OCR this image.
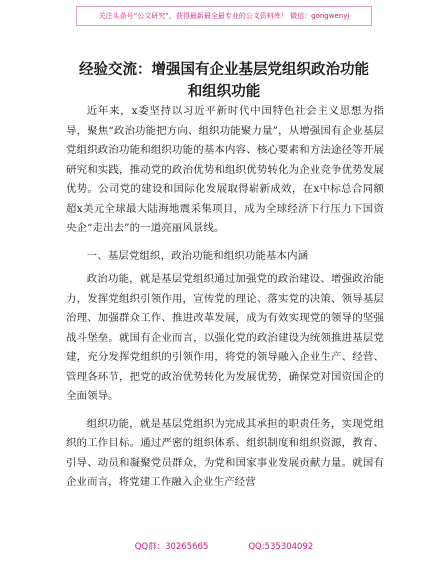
关注头条号“公文研究”，获得最新最全最专业的公文资料库！ 微信：gongwenyj
经验交流：增强国有企业基层党组织政治功能
和组织功能

近年来，x委坚持以习近平新时代中国特色社会主义思想为指导，聚焦“政治功能把方向、组织功能聚力量”，从增强国有企业基层党组织政治功能和组织功能的基本内容、核心要素和方法途径等开展研究和实践，推动党的政治优势和组织优势转化为企业竞争优势发展优势。公司党的建设和国际化发展取得崭新成效，在x中标总合同额超x美元全球最大陆海地震采集项目，成为全球经济下行压力下国资央企“走出去”的一道亮丽风景线。

一、基层党组织，政治功能和组织功能基本内涵

政治功能，就是基层党组织通过加强党的政治建设、增强政治能力，发挥党组织引领作用，宣传党的理论、落实党的决策、领导基层治理、加强群众工作、推进改革发展，成为有效实现党的领导的坚强战斗堡垒。就国有企业而言，以强化党的政治建设为统领推进基层党建，充分发挥党组织的引领作用，将党的领导融入企业生产、经营、管理各环节，把党的政治优势转化为发展优势，确保党对国资国企的全面领导。

组织功能，就是基层党组织为完成其承担的职责任务，实现党组织的工作目标。通过严密的组织体系、组织制度和组织资源，教育、引导、动员和凝聚党员群众，为党和国家事业发展贡献力量。就国有企业而言，将党建工作融入企业生产经营

QQ群：30265665	QQ:535304092
